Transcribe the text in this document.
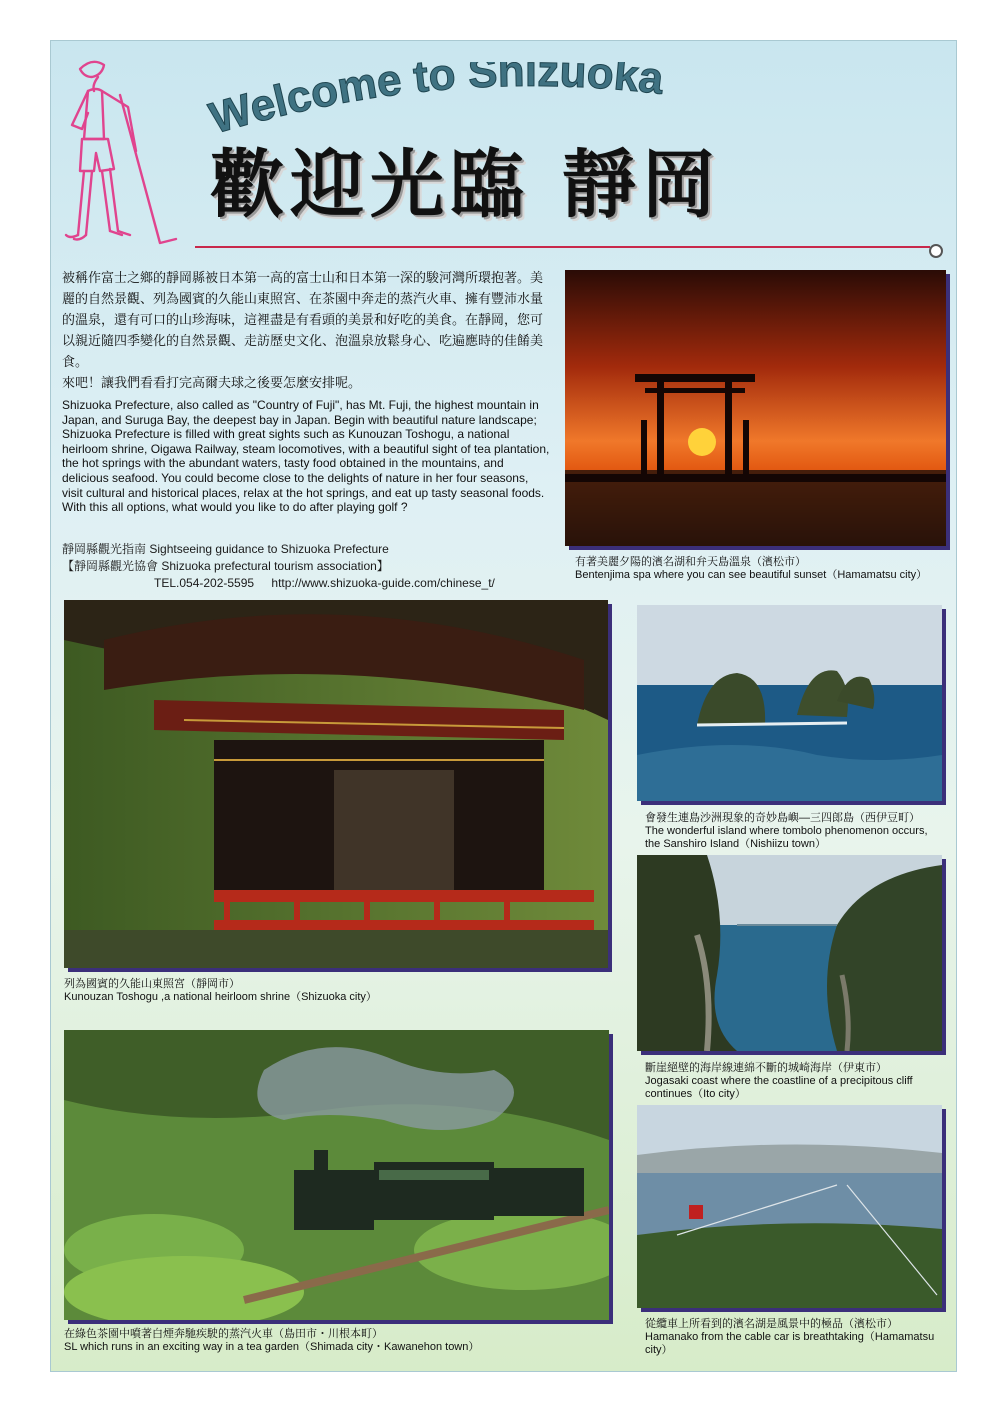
Welcome to Shizuoka
歡迎光臨 靜岡

被稱作富士之鄉的靜岡縣被日本第一高的富士山和日本第一深的駿河灣所環抱著。美麗的自然景觀、列為國賓的久能山東照宮、在茶園中奔走的蒸汽火車、擁有豐沛水量的溫泉，還有可口的山珍海味，這裡盡是有看頭的美景和好吃的美食。在靜岡，您可以親近隨四季變化的自然景觀、走訪歷史文化、泡溫泉放鬆身心、吃遍應時的佳餚美食。

來吧！讓我們看看打完高爾夫球之後要怎麼安排呢。

Shizuoka Prefecture, also called as "Country of Fuji", has Mt. Fuji, the highest mountain in Japan, and Suruga Bay, the deepest bay in Japan. Begin with beautiful nature landscape; Shizuoka Prefecture is filled with great sights such as Kunouzan Toshogu, a national heirloom shrine, Oigawa Railway, steam locomotives, with a beautiful sight of tea plantation, the hot springs with the abundant waters, tasty food obtained in the mountains, and delicious seafood. You could become close to the delights of nature in her four seasons, visit cultural and historical places, relax at the hot springs, and eat up tasty seasonal foods. With this all options, what would you like to do after playing golf ?
靜岡縣觀光指南 Sightseeing guidance to Shizuoka Prefecture
【靜岡縣觀光協會 Shizuoka prefectural tourism association】
TEL.054-202-5595 http://www.shizuoka-guide.com/chinese_t/
有著美麗夕陽的濱名湖和弁天島溫泉（濱松市）
Bentenjima spa where you can see beautiful sunset（Hamamatsu city）
列為國賓的久能山東照宮（靜岡市）
Kunouzan Toshogu ,a national heirloom shrine（Shizuoka city）
會發生連島沙洲現象的奇妙島嶼—三四郎島（西伊豆町）
The wonderful island where tombolo phenomenon occurs, the Sanshiro Island（Nishiizu town）
斷崖絕壁的海岸線連綿不斷的城崎海岸（伊東市）
Jogasaki coast where the coastline of a precipitous cliff continues（Ito city）
在綠色茶園中噴著白煙奔馳疾駛的蒸汽火車（島田市・川根本町）
SL which runs in an exciting way in a tea garden（Shimada city・Kawanehon town）
從纜車上所看到的濱名湖是風景中的極品（濱松市）
Hamanako from the cable car is breathtaking（Hamamatsu city）
